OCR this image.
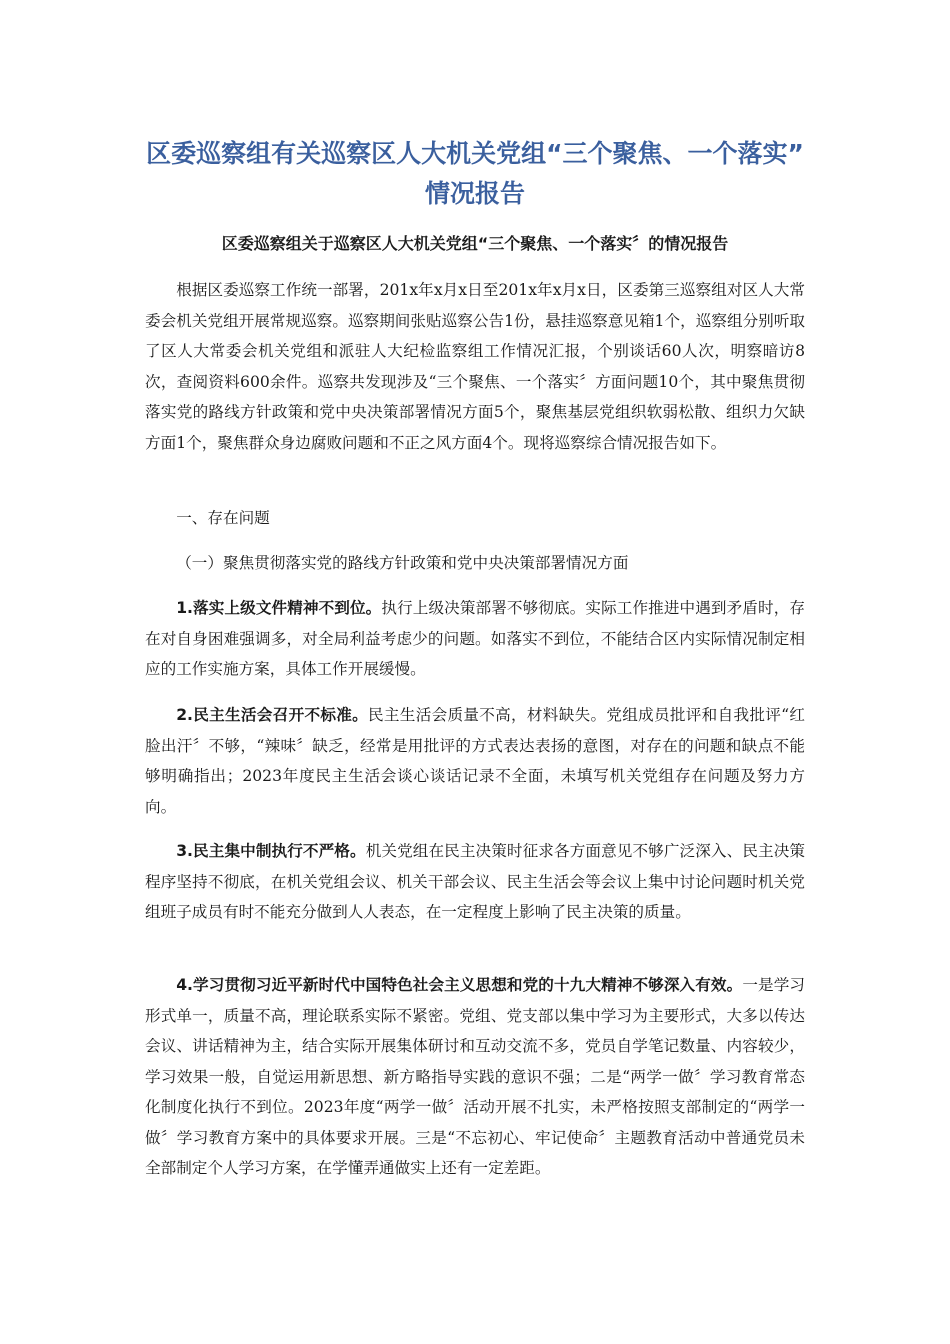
区委巡察组有关巡察区人大机关党组“三个聚焦、一个落实”
情况报告
区委巡察组关于巡察区人大机关党组“三个聚焦、一个落实〞的情况报告

根据区委巡察工作统一部署，201x年x月x日至201x年x月x日，区委第三巡察组对区人大常委会机关党组开展常规巡察。巡察期间张贴巡察公告1份，悬挂巡察意见箱1个，巡察组分别听取了区人大常委会机关党组和派驻人大纪检监察组工作情况汇报，个别谈话60人次，明察暗访8次，查阅资料600余件。巡察共发现涉及“三个聚焦、一个落实〞方面问题10个，其中聚焦贯彻落实党的路线方针政策和党中央决策部署情况方面5个，聚焦基层党组织软弱松散、组织力欠缺方面1个，聚焦群众身边腐败问题和不正之风方面4个。现将巡察综合情况报告如下。

一、存在问题
（一）聚焦贯彻落实党的路线方针政策和党中央决策部署情况方面

1.落实上级文件精神不到位。执行上级决策部署不够彻底。实际工作推进中遇到矛盾时，存在对自身困难强调多，对全局利益考虑少的问题。如落实不到位，不能结合区内实际情况制定相应的工作实施方案，具体工作开展缓慢。

2.民主生活会召开不标准。民主生活会质量不高，材料缺失。党组成员批评和自我批评“红脸出汗〞不够，“辣味〞缺乏，经常是用批评的方式表达表扬的意图，对存在的问题和缺点不能够明确指出；2023年度民主生活会谈心谈话记录不全面，未填写机关党组存在问题及努力方向。

3.民主集中制执行不严格。机关党组在民主决策时征求各方面意见不够广泛深入、民主决策程序坚持不彻底，在机关党组会议、机关干部会议、民主生活会等会议上集中讨论问题时机关党组班子成员有时不能充分做到人人表态，在一定程度上影响了民主决策的质量。

4.学习贯彻习近平新时代中国特色社会主义思想和党的十九大精神不够深入有效。一是学习形式单一，质量不高，理论联系实际不紧密。党组、党支部以集中学习为主要形式，大多以传达会议、讲话精神为主，结合实际开展集体研讨和互动交流不多，党员自学笔记数量、内容较少，学习效果一般，自觉运用新思想、新方略指导实践的意识不强；二是“两学一做〞学习教育常态化制度化执行不到位。2023年度“两学一做〞活动开展不扎实，未严格按照支部制定的“两学一做〞学习教育方案中的具体要求开展。三是“不忘初心、牢记使命〞主题教育活动中普通党员未全部制定个人学习方案，在学懂弄通做实上还有一定差距。
